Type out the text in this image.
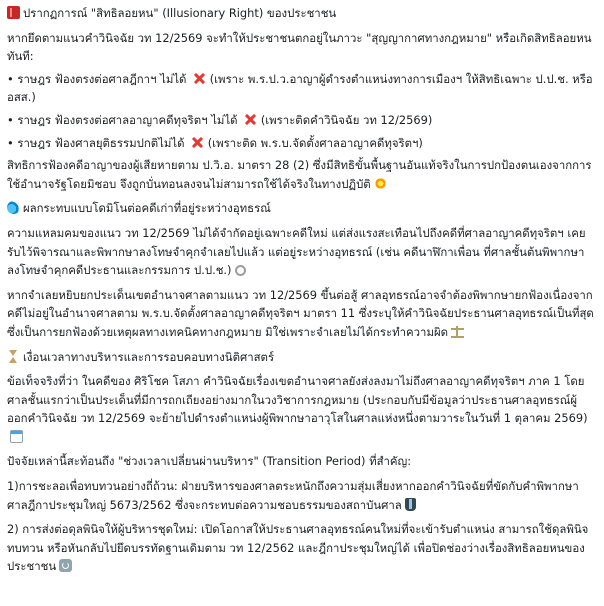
ปรากฏการณ์ "สิทธิลอยหน" (Illusionary Right) ของประชาชน
หากยึดตามแนวคำวินิจฉัย วท 12/2569 จะทำให้ประชาชนตกอยู่ในภาวะ "สุญญากาศทางกฎหมาย" หรือเกิดสิทธิลอยหนทันที:
• ราษฎร ฟ้องตรงต่อศาลฎีกาฯ ไม่ได้ (เพราะ พ.ร.ป.ว.อาญาผู้ดำรงตำแหน่งทางการเมืองฯ ให้สิทธิเฉพาะ ป.ป.ช. หรือ อสส.)
• ราษฎร ฟ้องตรงต่อศาลอาญาคดีทุจริตฯ ไม่ได้ (เพราะติดคำวินิจฉัย วท 12/2569)
• ราษฎร ฟ้องศาลยุติธรรมปกติไม่ได้ (เพราะติด พ.ร.บ.จัดตั้งศาลอาญาคดีทุจริตฯ)
สิทธิการฟ้องคดีอาญาของผู้เสียหายตาม ป.วิ.อ. มาตรา 28 (2) ซึ่งมีสิทธิขั้นพื้นฐานอันแท้จริงในการปกป้องตนเองจากการใช้อำนาจรัฐโดยมิชอบ จึงถูกบั่นทอนลงจนไม่สามารถใช้ได้จริงในทางปฏิบัติ
ผลกระทบแบบโดมิโนต่อคดีเก่าที่อยู่ระหว่างอุทธรณ์
ความแหลมคมของแนว วท 12/2569 ไม่ได้จำกัดอยู่เฉพาะคดีใหม่ แต่ส่งแรงสะเทือนไปถึงคดีที่ศาลอาญาคดีทุจริตฯ เคยรับไว้พิจารณาและพิพากษาลงโทษจำคุกจำเลยไปแล้ว แต่อยู่ระหว่างอุทธรณ์ (เช่น คดีนาฬิกาเพื่อน ที่ศาลชั้นต้นพิพากษาลงโทษจำคุกคดีประธานและกรรมการ ป.ป.ช.)
หากจำเลยหยิบยกประเด็นเขตอำนาจศาลตามแนว วท 12/2569 ขึ้นต่อสู้ ศาลอุทธรณ์อาจจำต้องพิพากษายกฟ้องเนื่องจากคดีไม่อยู่ในอำนาจศาลตาม พ.ร.บ.จัดตั้งศาลอาญาคดีทุจริตฯ มาตรา 11 ซึ่งระบุให้คำวินิจฉัยประธานศาลอุทธรณ์เป็นที่สุด ซึ่งเป็นการยกฟ้องด้วยเหตุผลทางเทคนิคทางกฎหมาย มิใช่เพราะจำเลยไม่ได้กระทำความผิด
เงื่อนเวลาทางบริหารและการรอบคอบทางนิติศาสตร์
ข้อเท็จจริงที่ว่า ในคดีของ ศิริโชค โสภา คำวินิจฉัยเรื่องเขตอำนาจศาลยังส่งลงมาไม่ถึงศาลอาญาคดีทุจริตฯ ภาค 1 โดยศาลชั้นแรกว่าเป็นประเด็นที่มีการถกเถียงอย่างมากในวงวิชาการกฎหมาย (ประกอบกับมีข้อมูลว่าประธานศาลอุทธรณ์ผู้ออกคำวินิจฉัย วท 12/2569 จะย้ายไปดำรงตำแหน่งผู้พิพากษาอาวุโสในศาลแห่งหนึ่งตามวาระในวันที่ 1 ตุลาคม 2569)
ปัจจัยเหล่านี้สะท้อนถึง "ช่วงเวลาเปลี่ยนผ่านบริหาร" (Transition Period) ที่สำคัญ:
1)การชะลอเพื่อทบทวนอย่างถี่ถ้วน: ฝ่ายบริหารของศาลตระหนักถึงความสุ่มเสี่ยงหากออกคำวินิจฉัยที่ขัดกับคำพิพากษาศาลฎีกาประชุมใหญ่ 5673/2562 ซึ่งจะกระทบต่อความชอบธรรมของสถาบันศาล
2) การส่งต่อดุลพินิจให้ผู้บริหารชุดใหม่: เปิดโอกาสให้ประธานศาลอุทธรณ์คนใหม่ที่จะเข้ารับตำแหน่ง สามารถใช้ดุลพินิจทบทวน หรือหันกลับไปยึดบรรทัดฐานเดิมตาม วท 12/2562 และฎีกาประชุมใหญ่ได้ เพื่อปิดช่องว่างเรื่องสิทธิลอยหนของประชาชน
